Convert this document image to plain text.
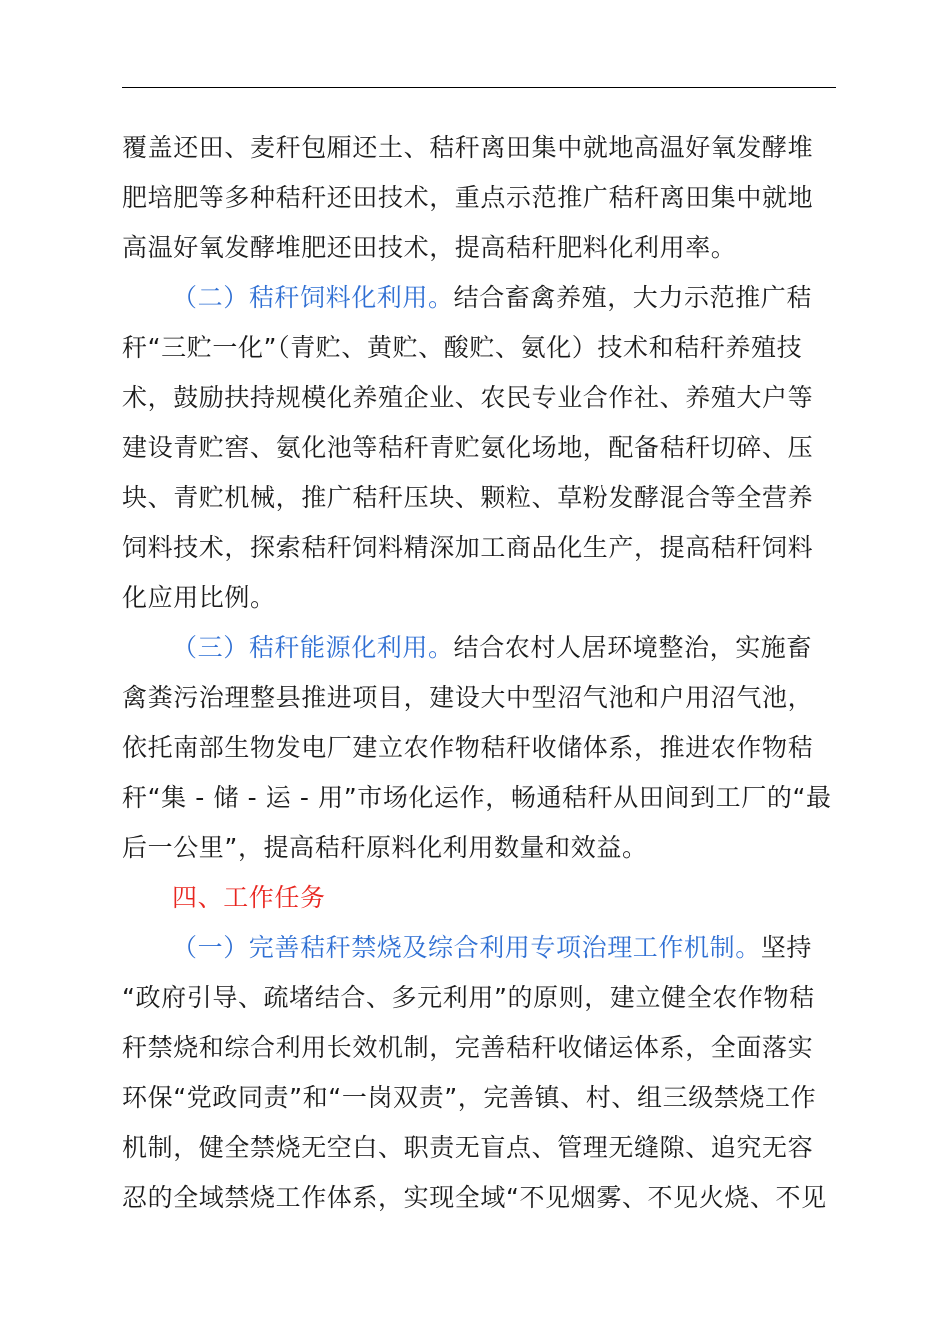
覆盖还田、麦秆包厢还土、秸秆离田集中就地高温好氧发酵堆
肥培肥等多种秸秆还田技术，重点示范推广秸秆离田集中就地
高温好氧发酵堆肥还田技术，提高秸秆肥料化利用率。
（二）秸秆饲料化利用。结合畜禽养殖，大力示范推广秸
秆“三贮一化”（青贮、黄贮、酸贮、氨化）技术和秸秆养殖技
术，鼓励扶持规模化养殖企业、农民专业合作社、养殖大户等
建设青贮窖、氨化池等秸秆青贮氨化场地，配备秸秆切碎、压
块、青贮机械，推广秸秆压块、颗粒、草粉发酵混合等全营养
饲料技术，探索秸秆饲料精深加工商品化生产，提高秸秆饲料
化应用比例。
（三）秸秆能源化利用。结合农村人居环境整治，实施畜
禽粪污治理整县推进项目，建设大中型沼气池和户用沼气池，
依托南部生物发电厂建立农作物秸秆收储体系，推进农作物秸
秆“集 - 储 - 运 - 用”市场化运作，畅通秸秆从田间到工厂的“最
后一公里”，提高秸秆原料化利用数量和效益。
四、工作任务
（一）完善秸秆禁烧及综合利用专项治理工作机制。坚持
“政府引导、疏堵结合、多元利用”的原则，建立健全农作物秸
秆禁烧和综合利用长效机制，完善秸秆收储运体系，全面落实
环保“党政同责”和“一岗双责”，完善镇、村、组三级禁烧工作
机制，健全禁烧无空白、职责无盲点、管理无缝隙、追究无容
忍的全域禁烧工作体系，实现全域“不见烟雾、不见火烧、不见
